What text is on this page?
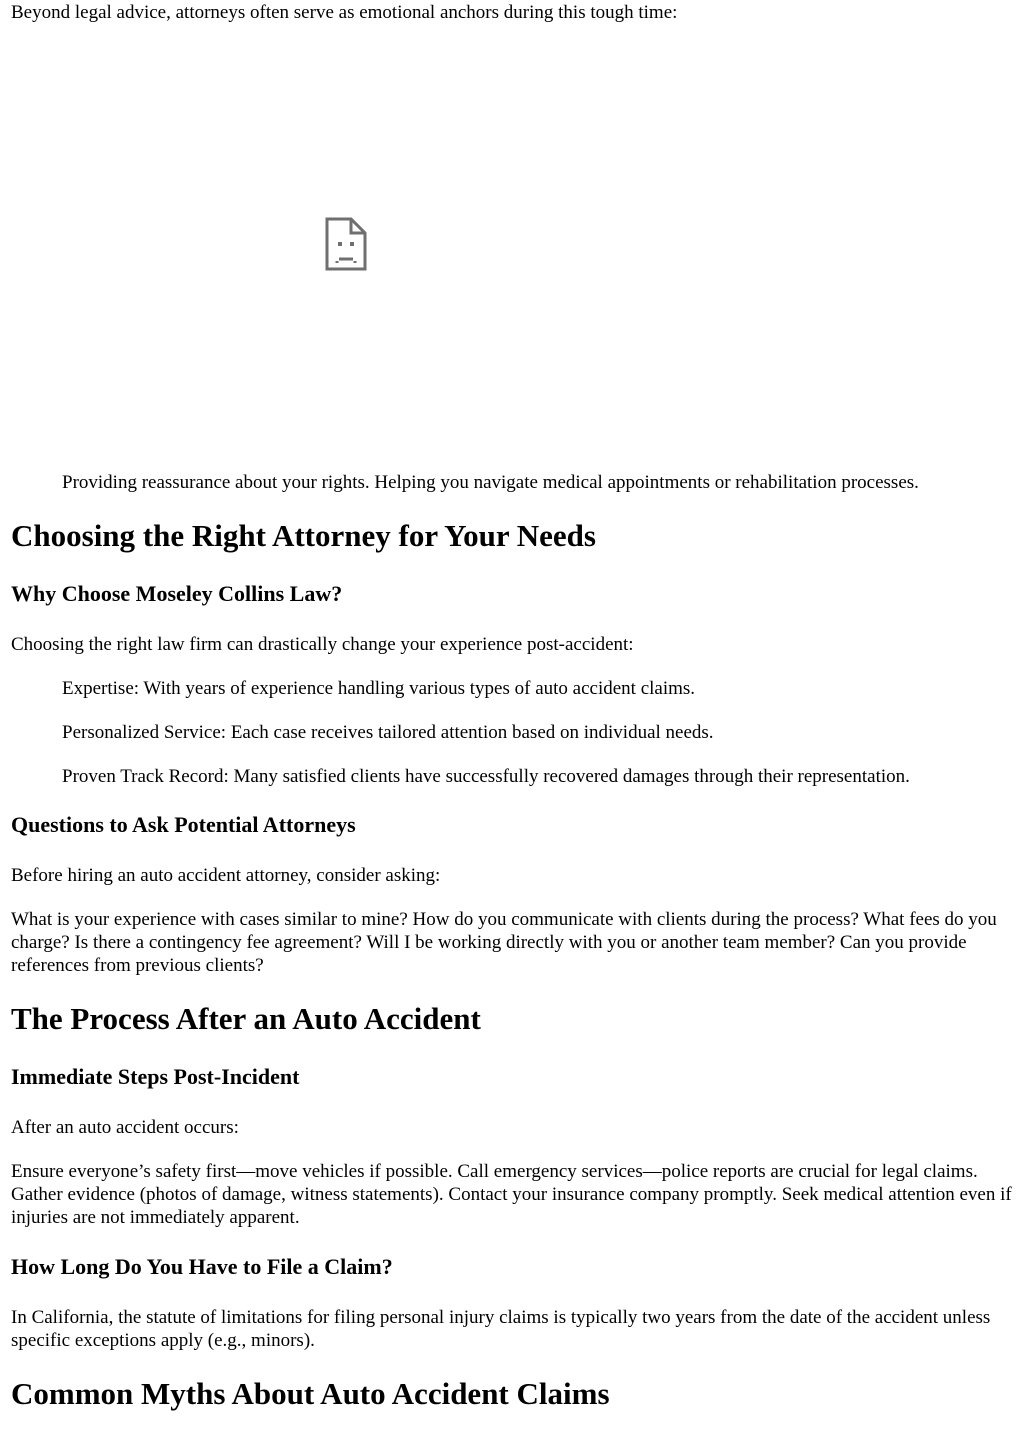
Beyond legal advice, attorneys often serve as emotional anchors during this tough time:

Providing reassurance about your rights. Helping you navigate medical appointments or rehabilitation processes.

Choosing the Right Attorney for Your Needs
Why Choose Moseley Collins Law?

Choosing the right law firm can drastically change your experience post-accident:

Expertise: With years of experience handling various types of auto accident claims.

Personalized Service: Each case receives tailored attention based on individual needs.

Proven Track Record: Many satisfied clients have successfully recovered damages through their representation.

Questions to Ask Potential Attorneys

Before hiring an auto accident attorney, consider asking:

What is your experience with cases similar to mine? How do you communicate with clients during the process? What fees do you charge? Is there a contingency fee agreement? Will I be working directly with you or another team member? Can you provide references from previous clients?

The Process After an Auto Accident
Immediate Steps Post-Incident

After an auto accident occurs:

Ensure everyone’s safety first—move vehicles if possible. Call emergency services—police reports are crucial for legal claims. Gather evidence (photos of damage, witness statements). Contact your insurance company promptly. Seek medical attention even if injuries are not immediately apparent.

How Long Do You Have to File a Claim?

In California, the statute of limitations for filing personal injury claims is typically two years from the date of the accident unless specific exceptions apply (e.g., minors).

Common Myths About Auto Accident Claims
